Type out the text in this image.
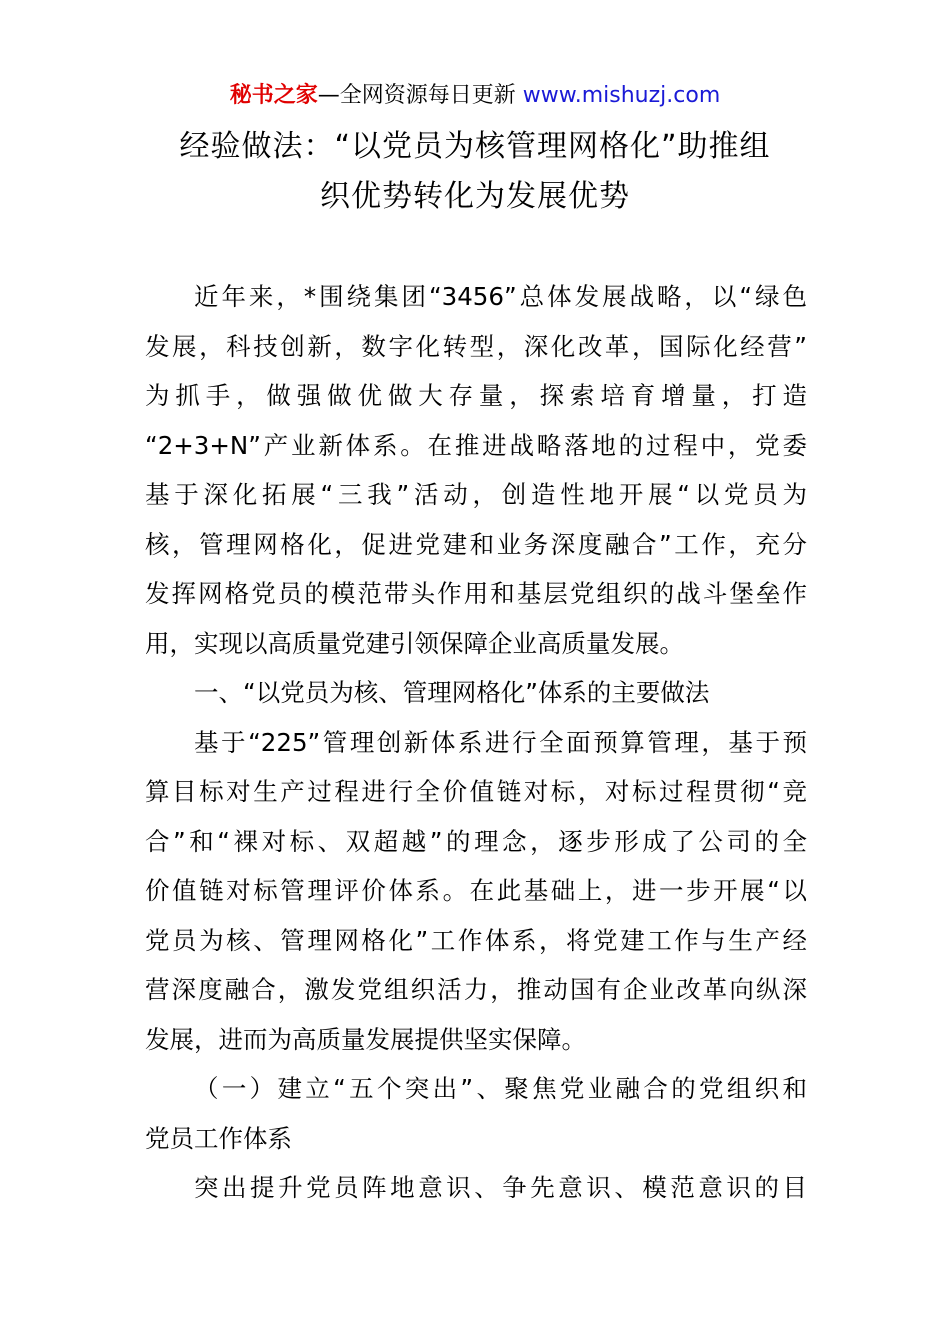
秘书之家—全网资源每日更新 www.mishuzj.com
经验做法：“以党员为核管理网格化”助推组
织优势转化为发展优势
近年来，*围绕集团“3456”总体发展战略，以“绿色
发展，科技创新，数字化转型，深化改革，国际化经营”
为抓手，做强做优做大存量，探索培育增量，打造
“2+3+N”产业新体系。在推进战略落地的过程中，党委
基于深化拓展“三我”活动，创造性地开展“以党员为
核，管理网格化，促进党建和业务深度融合”工作，充分
发挥网格党员的模范带头作用和基层党组织的战斗堡垒作
用，实现以高质量党建引领保障企业高质量发展。
一、“以党员为核、管理网格化”体系的主要做法
基于“225”管理创新体系进行全面预算管理，基于预
算目标对生产过程进行全价值链对标，对标过程贯彻“竞
合”和“裸对标、双超越”的理念，逐步形成了公司的全
价值链对标管理评价体系。在此基础上，进一步开展“以
党员为核、管理网格化”工作体系，将党建工作与生产经
营深度融合，激发党组织活力，推动国有企业改革向纵深
发展，进而为高质量发展提供坚实保障。
（一）建立“五个突出”、聚焦党业融合的党组织和
党员工作体系
突出提升党员阵地意识、争先意识、模范意识的目
